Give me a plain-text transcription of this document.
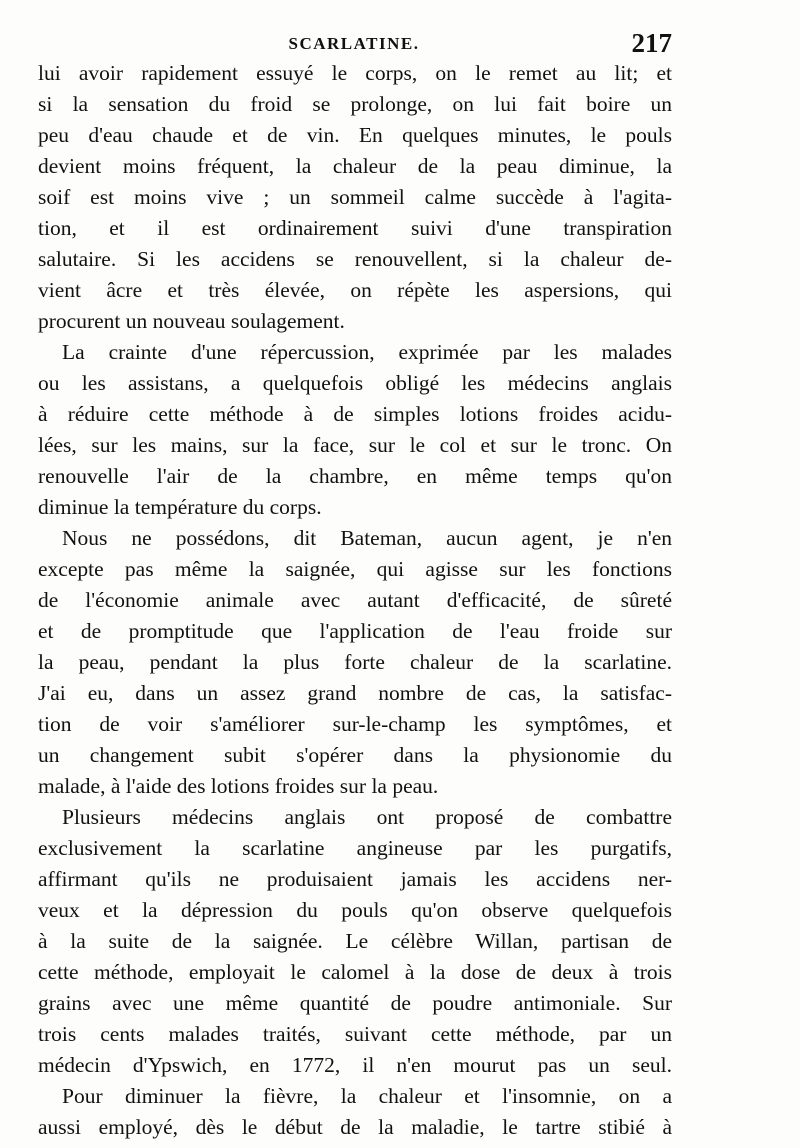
SCARLATINE.	217
lui avoir rapidement essuyé le corps, on le remet au lit; et
si la sensation du froid se prolonge, on lui fait boire un
peu d'eau chaude et de vin. En quelques minutes, le pouls
devient moins fréquent, la chaleur de la peau diminue, la
soif est moins vive ; un sommeil calme succède à l'agita-
tion, et il est ordinairement suivi d'une transpiration
salutaire. Si les accidens se renouvellent, si la chaleur de-
vient âcre et très élevée, on répète les aspersions, qui
procurent un nouveau soulagement.
La crainte d'une répercussion, exprimée par les malades
ou les assistans, a quelquefois obligé les médecins anglais
à réduire cette méthode à de simples lotions froides acidu-
lées, sur les mains, sur la face, sur le col et sur le tronc. On
renouvelle l'air de la chambre, en même temps qu'on
diminue la température du corps.
Nous ne possédons, dit Bateman, aucun agent, je n'en
excepte pas même la saignée, qui agisse sur les fonctions
de l'économie animale avec autant d'efficacité, de sûreté
et de promptitude que l'application de l'eau froide sur
la peau, pendant la plus forte chaleur de la scarlatine.
J'ai eu, dans un assez grand nombre de cas, la satisfac-
tion de voir s'améliorer sur-le-champ les symptômes, et
un changement subit s'opérer dans la physionomie du
malade, à l'aide des lotions froides sur la peau.
Plusieurs médecins anglais ont proposé de combattre
exclusivement la scarlatine angineuse par les purgatifs,
affirmant qu'ils ne produisaient jamais les accidens ner-
veux et la dépression du pouls qu'on observe quelquefois
à la suite de la saignée. Le célèbre Willan, partisan de
cette méthode, employait le calomel à la dose de deux à trois
grains avec une même quantité de poudre antimoniale. Sur
trois cents malades traités, suivant cette méthode, par un
médecin d'Ypswich, en 1772, il n'en mourut pas un seul.
Pour diminuer la fièvre, la chaleur et l'insomnie, on a
aussi employé, dès le début de la maladie, le tartre stibié à
